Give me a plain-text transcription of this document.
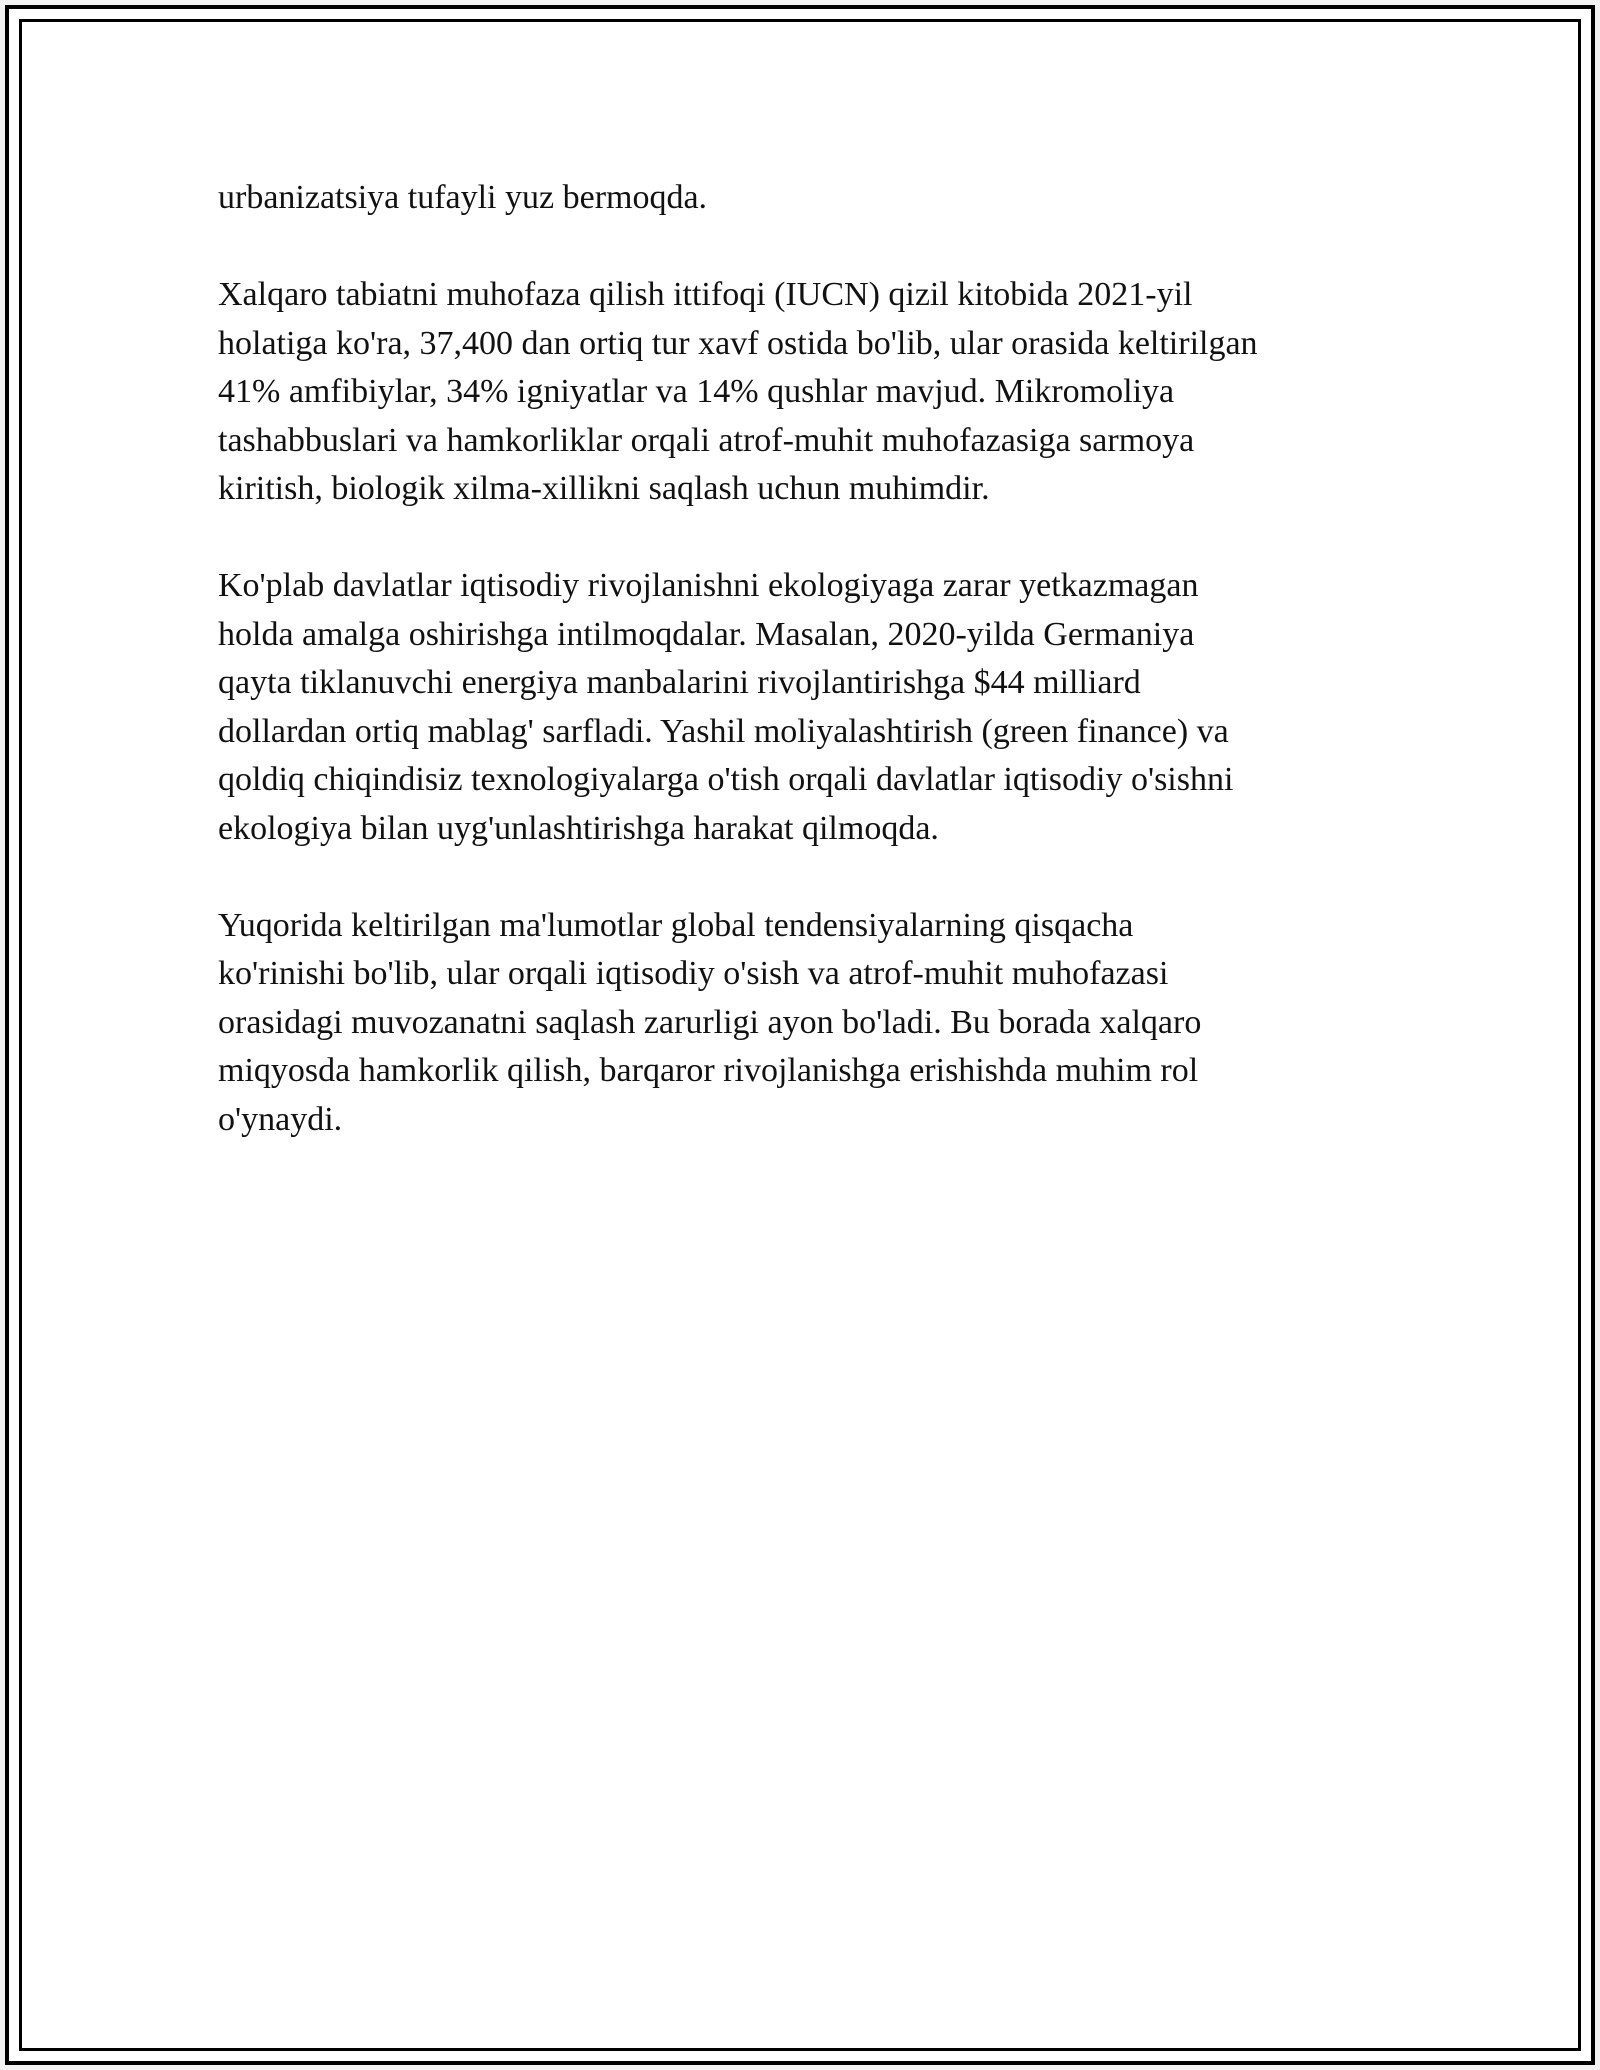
urbanizatsiya tufayli yuz bermoqda.

Xalqaro tabiatni muhofaza qilish ittifoqi (IUCN) qizil kitobida 2021-yil
holatiga ko'ra, 37,400 dan ortiq tur xavf ostida bo'lib, ular orasida keltirilgan
41% amfibiylar, 34% igniyatlar va 14% qushlar mavjud. Mikromoliya
tashabbuslari va hamkorliklar orqali atrof-muhit muhofazasiga sarmoya
kiritish, biologik xilma-xillikni saqlash uchun muhimdir.

Ko'plab davlatlar iqtisodiy rivojlanishni ekologiyaga zarar yetkazmagan
holda amalga oshirishga intilmoqdalar. Masalan, 2020-yilda Germaniya
qayta tiklanuvchi energiya manbalarini rivojlantirishga $44 milliard
dollardan ortiq mablag' sarfladi. Yashil moliyalashtirish (green finance) va
qoldiq chiqindisiz texnologiyalarga o'tish orqali davlatlar iqtisodiy o'sishni
ekologiya bilan uyg'unlashtirishga harakat qilmoqda.

Yuqorida keltirilgan ma'lumotlar global tendensiyalarning qisqacha
ko'rinishi bo'lib, ular orqali iqtisodiy o'sish va atrof-muhit muhofazasi
orasidagi muvozanatni saqlash zarurligi ayon bo'ladi. Bu borada xalqaro
miqyosda hamkorlik qilish, barqaror rivojlanishga erishishda muhim rol
o'ynaydi.
